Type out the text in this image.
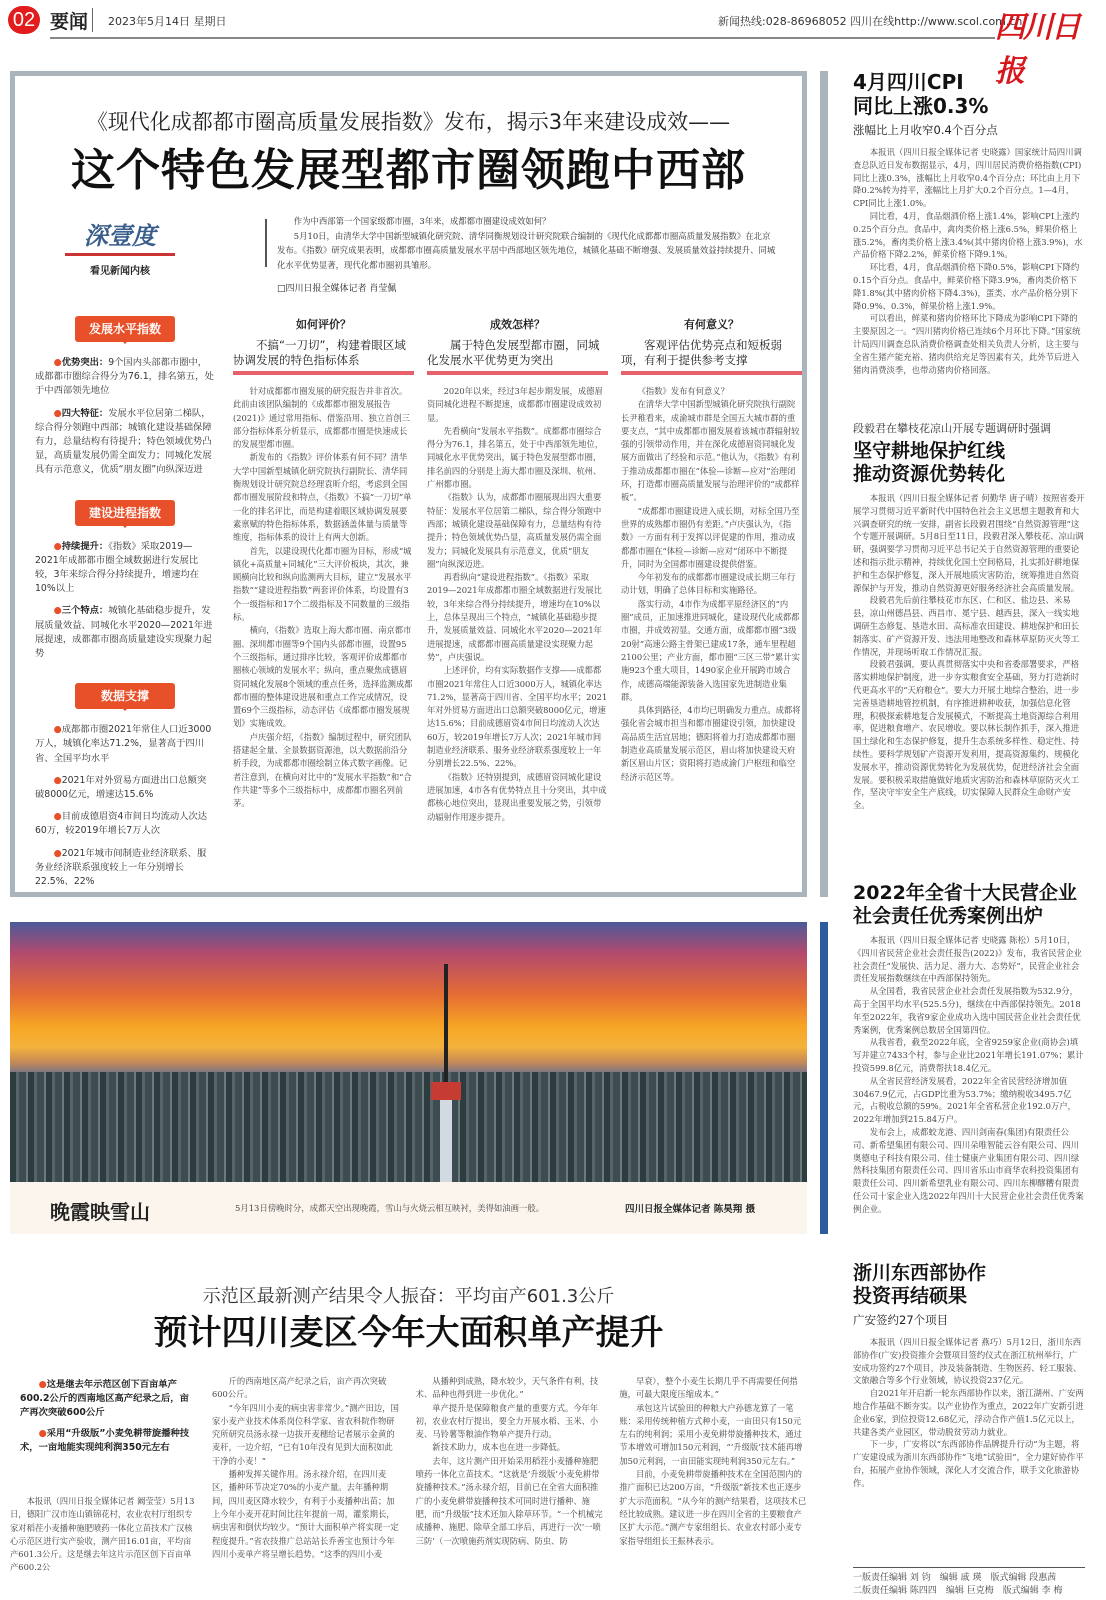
02 要闻 2023年5月14日 星期日	新闻热线:028-86968052 四川在线http://www.scol.com.cn
四川日报
《现代化成都都市圈高质量发展指数》发布，揭示3年来建设成效——
这个特色发展型都市圈领跑中西部
深壹度
看见新闻内核

作为中西部第一个国家级都市圈，3年来，成都都市圈建设成效如何？

5月10日，由清华大学中国新型城镇化研究院、清华同衡规划设计研究院联合编制的《现代化成都都市圈高质量发展指数》在北京发布。《指数》研究成果表明，成都都市圈高质量发展水平居中西部地区领先地位，城镇化基础不断增强、发展质量效益持续提升、同城化水平优势显著，现代化都市圈初具雏形。

□四川日报全媒体记者 肖莹佩
发展水平指数
●优势突出：9个国内头部都市圈中，成都都市圈综合得分为76.1，排名第五，处于中西部领先地位
●四大特征：发展水平位居第二梯队，综合得分领跑中西部；城镇化建设基础保障有力，总量结构有待提升；特色领域优势凸显，高质量发展仍需全面发力；同城化发展具有示范意义，优质“朋友圈”向纵深迈进
建设进程指数
●持续提升：《指数》采取2019—2021年成都都市圈全域数据进行发展比较，3年来综合得分持续提升，增速均在10%以上
●三个特点：城镇化基础稳步提升，发展质量效益、同城化水平2020—2021年进展提速，成都都市圈高质量建设实现聚力起势
数据支撑
●成都都市圈2021年常住人口近3000万人，城镇化率达71.2%，显著高于四川省、全国平均水平
●2021年对外贸易方面进出口总额突破8000亿元，增速达15.6%
●目前成德眉资4市间日均流动人次达60万，较2019年增长7万人次
●2021年城市间制造业经济联系、服务业经济联系强度较上一年分别增长22.5%、22%
如何评价？
不搞“一刀切”，构建着眼区域协调发展的特色指标体系

针对成都都市圈发展的研究报告并非首次。此前由该团队编制的《成都都市圈发展报告(2021)》通过常用指标、借鉴沿用、独立首创三部分指标体系分析显示，成都都市圈是快速成长的发展型都市圈。

新发布的《指数》评价体系有何不同？清华大学中国新型城镇化研究院执行副院长、清华同衡规划设计研究院总经理袁昕介绍，考虑到全国都市圈发展阶段和特点，《指数》不搞“一刀切”单一化的排名评比，而是构建着眼区域协调发展要素禀赋的特色指标体系，数据涵盖体量与质量等维度，指标体系的设计上有两大创新。

首先，以建设现代化都市圈为目标，形成“城镇化+高质量+同城化”三大评价板块，其次，兼顾横向比较和纵向监测两大目标，建立“发展水平指数”“建设进程指数”两套评价体系，均设置有3个一级指标和17个二级指标及不同数量的三级指标。

横向，《指数》选取上海大都市圈、南京都市圈、深圳都市圈等9个国内头部都市圈，设置95个三级指标，通过排序比较，客观评价成都都市圈核心领域的发展水平；纵向，重点聚焦成德眉资同城化发展8个领域的重点任务，选择监测成都都市圈的整体建设进展和重点工作完成情况，设置69个三级指标，动态评估《成都都市圈发展规划》实施成效。

卢庆强介绍，《指数》编制过程中，研究团队搭建起全量、全景数据资源池，以大数据前沿分析手段，为成都都市圈绘制立体式数字画像。记者注意到，在横向对比中的“发展水平指数”和“合作共建”等多个三级指标中，成都都市圈名列前茅。

成效怎样？
属于特色发展型都市圈，同城化发展水平优势更为突出

2020年以来，经过3年起步期发展，成德眉资同城化进程不断提速，成都都市圈建设成效初显。

先看横向“发展水平指数”。成都都市圈综合得分为76.1，排名第五，处于中西部领先地位，同城化水平优势突出，属于特色发展型都市圈，排名前四的分别是上海大都市圈及深圳、杭州、广州都市圈。

《指数》认为，成都都市圈展现出四大重要特征：发展水平位居第二梯队，综合得分领跑中西部；城镇化建设基础保障有力，总量结构有待提升；特色领域优势凸显，高质量发展仍需全面发力；同城化发展具有示范意义，优质“朋友圈”向纵深迈进。

再看纵向“建设进程指数”。《指数》采取2019—2021年成都都市圈全域数据进行发展比较，3年来综合得分持续提升，增速均在10%以上，总体呈现出三个特点，“城镇化基础稳步提升，发展质量效益、同城化水平2020—2021年进展提速，成都都市圈高质量建设实现聚力起势”，卢庆强说。

上述评价，均有实际数据作支撑——成都都市圈2021年常住人口近3000万人，城镇化率达71.2%，显著高于四川省、全国平均水平；2021年对外贸易方面进出口总额突破8000亿元，增速达15.6%；目前成德眉资4市间日均流动人次达60万，较2019年增长7万人次；2021年城市间制造业经济联系、服务业经济联系强度较上一年分别增长22.5%、22%。

《指数》还特别提到，成德眉资同城化建设进展加速，4市各有优势特点且十分突出，其中成都核心地位突出，显现出重要发展之势，引领带动辐射作用逐步提升。

有何意义？
客观评估优势亮点和短板弱项，有利于提供参考支撑

《指数》发布有何意义？

在清华大学中国新型城镇化研究院执行副院长尹稚看来，成渝城市群是全国五大城市群的重要支点，“其中成都都市圈发展着该城市群辐射较强的引领带动作用，并在深化成德眉资同城化发展方面做出了经验和示范。”他认为，《指数》有利于推动成都都市圈在“体验—诊断—应对”治理闭环，打造都市圈高质量发展与治理评价的“成都样板”。

“成都都市圈建设进入成长期，对标全国乃至世界的成熟都市圈仍有差距。”卢庆强认为，《指数》一方面有利于发挥以评促建的作用，推动成都都市圈在“体检—诊断—应对”闭环中不断提升，同时为全国都市圈建设提供借鉴。

今年初发布的成都都市圈建设成长期三年行动计划，明确了总体目标和实施路径。

落实行动，4市作为成都平原经济区的“内圈”成员，正加速推进同城化，建设现代化成都都市圈，并成效初显。交通方面，成都都市圈“3级20射”高速公路主骨架已建成17条，通车里程超2100公里；产业方面，都市圈“三区三带”累计实施923个重大项目，1490家企业开展跨市域合作，成德高端能源装备入选国家先进制造业集群。

具体到路径，4市均已明确发力重点。成都将强化省会城市担当和都市圈建设引领，加快建设高品质生活宜居地；德阳将着力打造成都都市圈制造业高质量发展示范区，眉山将加快建设天府新区眉山片区；资阳将打造成渝门户枢纽和临空经济示范区等。

晚霞映雪山	5月13日傍晚时分，成都天空出现晚霞，雪山与火烧云相互映衬，美得如油画一般。	四川日报全媒体记者 陈昊翔 摄
示范区最新测产结果令人振奋：平均亩产601.3公斤
预计四川麦区今年大面积单产提升
●这是继去年示范区创下百亩单产600.2公斤的西南地区高产纪录之后，亩产再次突破600公斤
●采用“升级版”小麦免耕带旋播种技术，一亩地能实现纯利润350元左右

本报讯（四川日报全媒体记者 阚莹莹）5月13日，德阳广汉市连山镇锦花村，农业农村厅组织专家对稻茬小麦播种施肥喷药一体化立苗技术广汉核心示范区进行实产验收，测产田16.01亩，平均亩产601.3公斤。这是继去年这片示范区创下百亩单产600.2公

斤的西南地区高产纪录之后，亩产再次突破600公斤。

“今年四川小麦的病虫害非常少。”测产田边，国家小麦产业技术体系岗位科学家、省农科院作物研究所研究员汤永禄一边拔开麦穗给记者展示金黄的麦秆，一边介绍，“已有10年没有见到大面积如此干净的小麦！”

播种发挥关键作用。汤永禄介绍，在四川麦区，播种环节决定70%的小麦产量。去年播种期间，四川麦区降水较少，有利于小麦播种出苗；加上今年小麦开花时间比往年提前一周，灌浆期长，病虫害和倒伏均较少。“预计大面积单产将实现一定程度提升。”省农技推广总站站长乔善宝也预计今年四川小麦单产将呈增长趋势。“这季的四川小麦

从播种到成熟，降水较少，天气条件有利，技术、品种也得到进一步优化。”

单产提升是保障粮食产量的重要方式。今年年初，农业农村厅提出，要全力开展水稻、玉米、小麦、马铃薯等粮油作物单产提升行动。

新技术助力，成本也在进一步降低。

去年，这片测产田开始采用稻茬小麦播种施肥喷药一体化立苗技术。“这就是‘升级版’小麦免耕带旋播种技术。”汤永禄介绍，目前已在全省大面积推广的小麦免耕带旋播种技术可同时进行播种、施肥，而“升级版”技术还加入除草环节。“一个机械完成播种、施肥、除草全部工序后，再进行一次‘一喷三防’（一次喷施药剂实现防病、防虫、防

早衰），整个小麦生长期几乎不再需要任何措施，可最大限度压缩成本。”

承包这片试验田的种粮大户孙德龙算了一笔账：采用传统种植方式种小麦，一亩田只有150元左右的纯利润；采用小麦免耕带旋播种技术，通过节本增效可增加150元利润，“‘升级版’技术能再增加50元利润，一亩田能实现纯利润350元左右。”

目前，小麦免耕带旋播种技术在全国范围内的推广面积已达200万亩，“升级版”新技术也正逐步扩大示范面积。“从今年的测产结果看，这项技术已经比较成熟。建议进一步在四川全省的主要粮食产区扩大示范。”测产专家组组长、农业农村部小麦专家指导组组长王振林表示。

4月四川CPI
同比上涨0.3%
涨幅比上月收窄0.4个百分点

本报讯（四川日报全媒体记者 史晓露）国家统计局四川调查总队近日发布数据显示，4月，四川居民消费价格指数(CPI)同比上涨0.3%，涨幅比上月收窄0.4个百分点；环比由上月下降0.2%转为持平，涨幅比上月扩大0.2个百分点。1—4月，CPI同比上涨1.0%。

同比看，4月，食品烟酒价格上涨1.4%，影响CPI上涨约0.25个百分点。食品中，禽肉类价格上涨6.5%，鲜果价格上涨5.2%，畜肉类价格上涨3.4%(其中猪肉价格上涨3.9%)，水产品价格下降2.2%，鲜菜价格下降9.1%。

环比看，4月，食品烟酒价格下降0.5%，影响CPI下降约0.15个百分点。食品中，鲜菜价格下降3.9%，畜肉类价格下降1.8%(其中猪肉价格下降4.3%)，蛋类、水产品价格分别下降0.9%、0.3%，鲜果价格上涨1.9%。

可以看出，鲜菜和猪肉价格环比下降成为影响CPI下降的主要原因之一。“四川猪肉价格已连续6个月环比下降。”国家统计局四川调查总队消费价格调查处相关负责人分析，这主要与全省生猪产能充裕、猪肉供给充足等因素有关，此外节后进入猪肉消费淡季，也带动猪肉价格回落。

段毅君在攀枝花凉山开展专题调研时强调
坚守耕地保护红线
推动资源优势转化

本报讯（四川日报全媒体记者 何勤华 唐子晴）按照省委开展学习贯彻习近平新时代中国特色社会主义思想主题教育和大兴调查研究的统一安排，副省长段毅君围绕“自然资源管理”这个专题开展调研。5月8日至11日，段毅君深入攀枝花、凉山调研，强调要学习贯彻习近平总书记关于自然资源管理的重要论述和指示批示精神，持续优化国土空间格局，扎实抓好耕地保护和生态保护修复，深入开展地质灾害防治，统筹推进自然资源保护与开发，推动自然资源更好服务经济社会高质量发展。

段毅君先后前往攀枝花市东区、仁和区、盐边县、米易县，凉山州德昌县、西昌市、冕宁县、越西县，深入一线实地调研生态修复、垦造水田、高标准农田建设、耕地保护和田长制落实、矿产资源开发、违法用地整改和森林草原防灭火等工作情况，并现场听取工作情况汇报。

段毅君强调，要认真贯彻落实中央和省委部署要求，严格落实耕地保护制度，进一步夯实粮食安全基础，努力打造新时代更高水平的“天府粮仓”。要大力开展土地综合整治，进一步完善垦造耕地管控机制，有序推进耕种收获，加强信息化管理，积极探索耕地复合发展模式，不断提高土地资源综合利用率，促进粮食增产、农民增收。要以林长制作抓手，深入推进国土绿化和生态保护修复，提升生态系统多样性、稳定性、持续性。要科学规划矿产资源开发利用，提高资源集约、规模化发展水平，推动资源优势转化为发展优势，促进经济社会全面发展。要积极采取措施做好地质灾害防治和森林草原防灭火工作，坚决守牢安全生产底线，切实保障人民群众生命财产安全。

2022年全省十大民营企业
社会责任优秀案例出炉

本报讯（四川日报全媒体记者 史晓露 陈松）5月10日，《四川省民营企业社会责任报告(2022)》发布，我省民营企业社会责任“发展快、活力足、潜力大、态势好”，民营企业社会责任发展指数继续在中西部保持领先。

从全国看，我省民营企业社会责任发展指数为532.9分，高于全国平均水平(525.5分)，继续在中西部保持领先。2018年至2022年，我省9家企业成功入选中国民营企业社会责任优秀案例，优秀案例总数居全国第四位。

从我省看，截至2022年底，全省9259家企业(商协会)填写并建立7433个村，参与企业比2021年增长191.07%；累计投资599.8亿元，消费帮扶18.4亿元。

从全省民营经济发展看，2022年全省民营经济增加值30467.9亿元，占GDP比重为53.7%；缴纳税收3495.7亿元，占税收总额的59%。2021年全省私营企业192.0万户，2022年增加到215.84万户。

发布会上，成都蛟龙港、四川剑南春(集团)有限责任公司、新希望集团有限公司、四川朵唯智能云谷有限公司、四川奥德电子科技有限公司、佳士健康产业集团有限公司、四川绿然科技集团有限责任公司、四川省乐山市商华农科投资集团有限责任公司、四川新希望乳业有限公司、四川东柳醪糟有限责任公司十家企业入选2022年四川十大民营企业社会责任优秀案例企业。

浙川东西部协作
投资再结硕果
广安签约27个项目

本报讯（四川日报全媒体记者 燕巧）5月12日，浙川东西部协作(广安)投资推介会暨项目签约仪式在浙江杭州举行，广安成功签约27个项目，涉及装备制造、生物医药、轻工服装、文旅融合等多个行业领域，协议投资237亿元。

自2021年开启新一轮东西部协作以来，浙江湖州、广安两地合作基础不断夯实。以产业协作为重点，2022年广安新引进企业6家，到位投资12.68亿元，浮动合作产值1.5亿元以上，共建各类产业园区，带动脱贫劳动力就业。

下一步，广安将以“东西部协作品牌提升行动”为主题，将广安建设成为浙川东西部协作“飞地”试验田”，全力建好协作平台，拓展产业协作领域，深化人才交流合作，联手文化旅游协作。

一版责任编辑 刘 钧　编辑 戚 瑛　版式编辑 段惠茜
二版责任编辑 陈四四　编辑 巨克梅　版式编辑 李 梅
